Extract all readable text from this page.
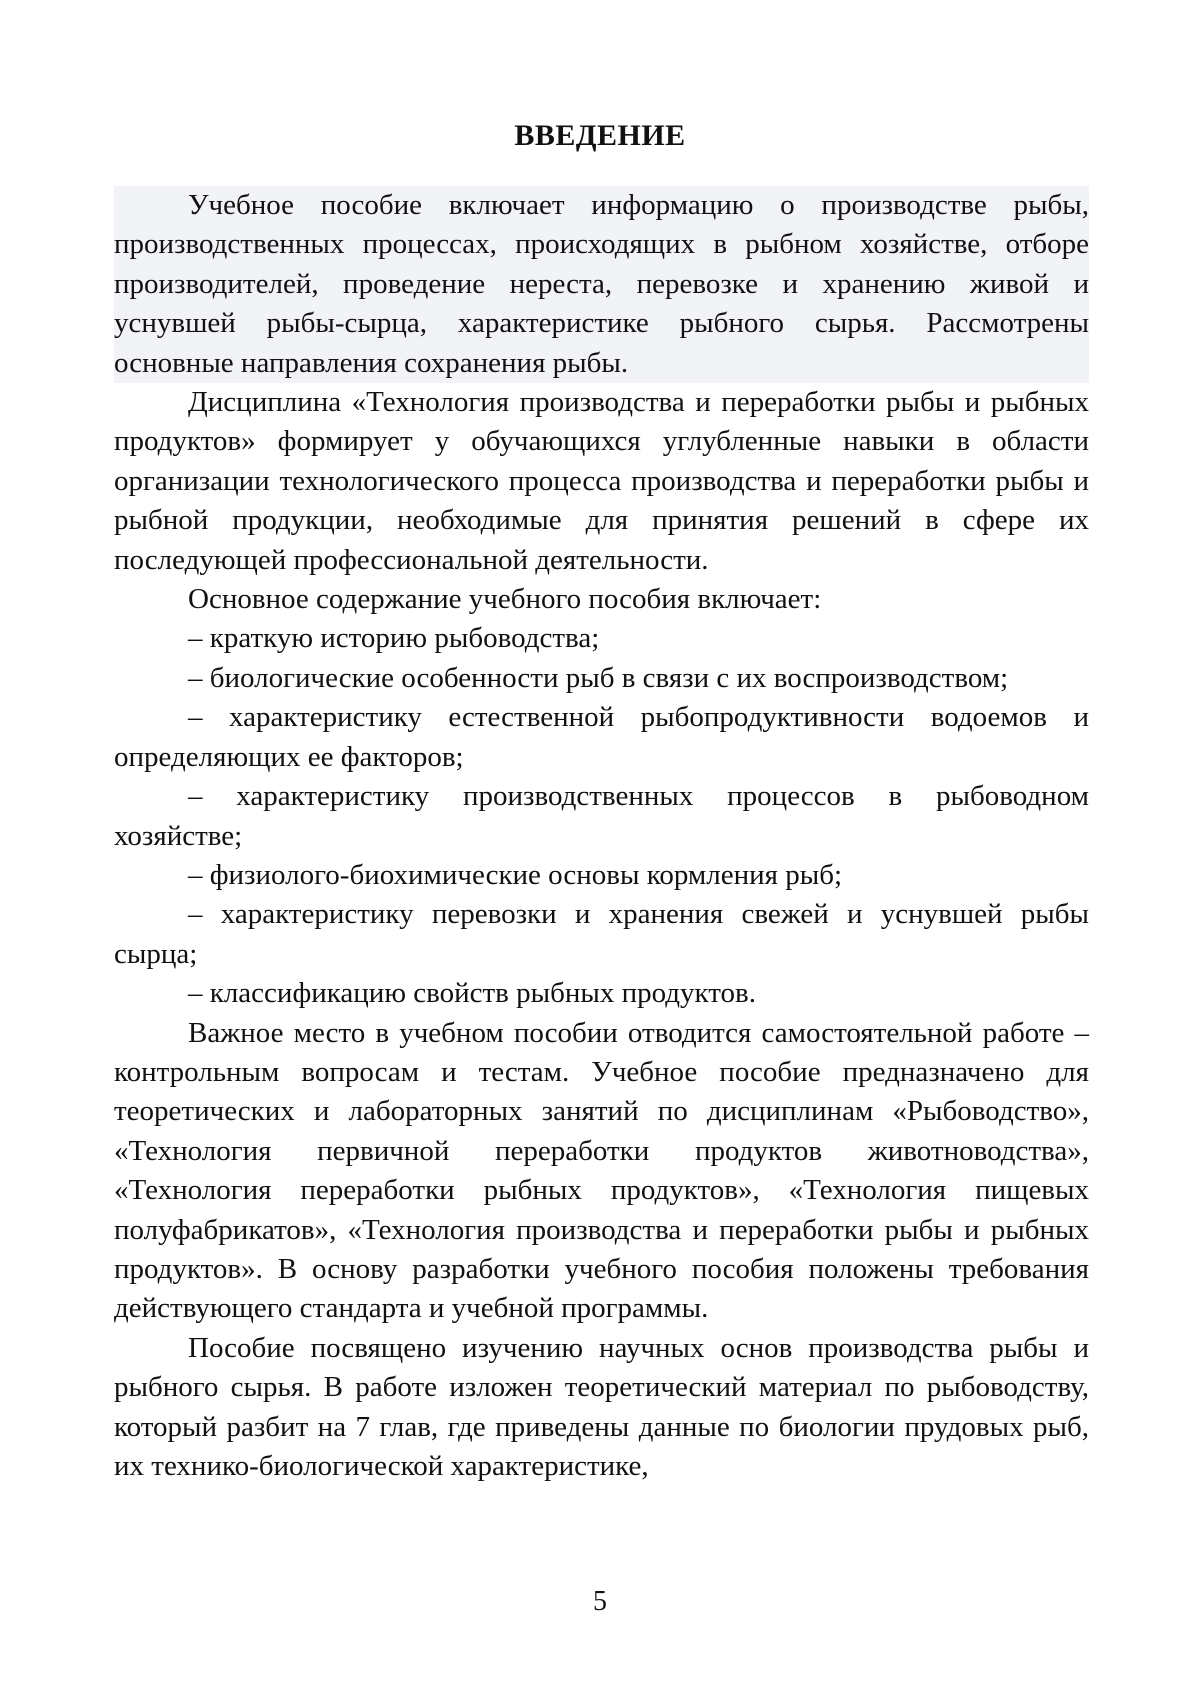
ВВЕДЕНИЕ

Учебное пособие включает информацию о производстве рыбы, производственных процессах, происходящих в рыбном хозяйстве, отборе производителей, проведение нереста, перевозке и хранению живой и уснувшей рыбы-сырца, характеристике рыбного сырья. Рассмотрены основные направления сохранения рыбы.

Дисциплина «Технология производства и переработки рыбы и рыбных продуктов» формирует у обучающихся углубленные навыки в области организации технологического процесса производства и переработки рыбы и рыбной продукции, необходимые для принятия решений в сфере их последующей профессиональной деятельности.

Основное содержание учебного пособия включает:

– краткую историю рыбоводства;
– биологические особенности рыб в связи с их воспроизводством;
– характеристику естественной рыбопродуктивности водоемов и определяющих ее факторов;
– характеристику производственных процессов в рыбоводном хозяйстве;
– физиолого-биохимические основы кормления рыб;
– характеристику перевозки и хранения свежей и уснувшей рыбы сырца;
– классификацию свойств рыбных продуктов.

Важное место в учебном пособии отводится самостоятельной работе – контрольным вопросам и тестам. Учебное пособие предназначено для теоретических и лабораторных занятий по дисциплинам «Рыбоводство», «Технология первичной переработки продуктов животноводства», «Технология переработки рыбных продуктов», «Технология пищевых полуфабрикатов», «Технология производства и переработки рыбы и рыбных продуктов». В основу разработки учебного пособия положены требования действующего стандарта и учебной программы.

Пособие посвящено изучению научных основ производства рыбы и рыбного сырья. В работе изложен теоретический материал по рыбоводству, который разбит на 7 глав, где приведены данные по биологии прудовых рыб, их технико-биологической характеристике,

5
